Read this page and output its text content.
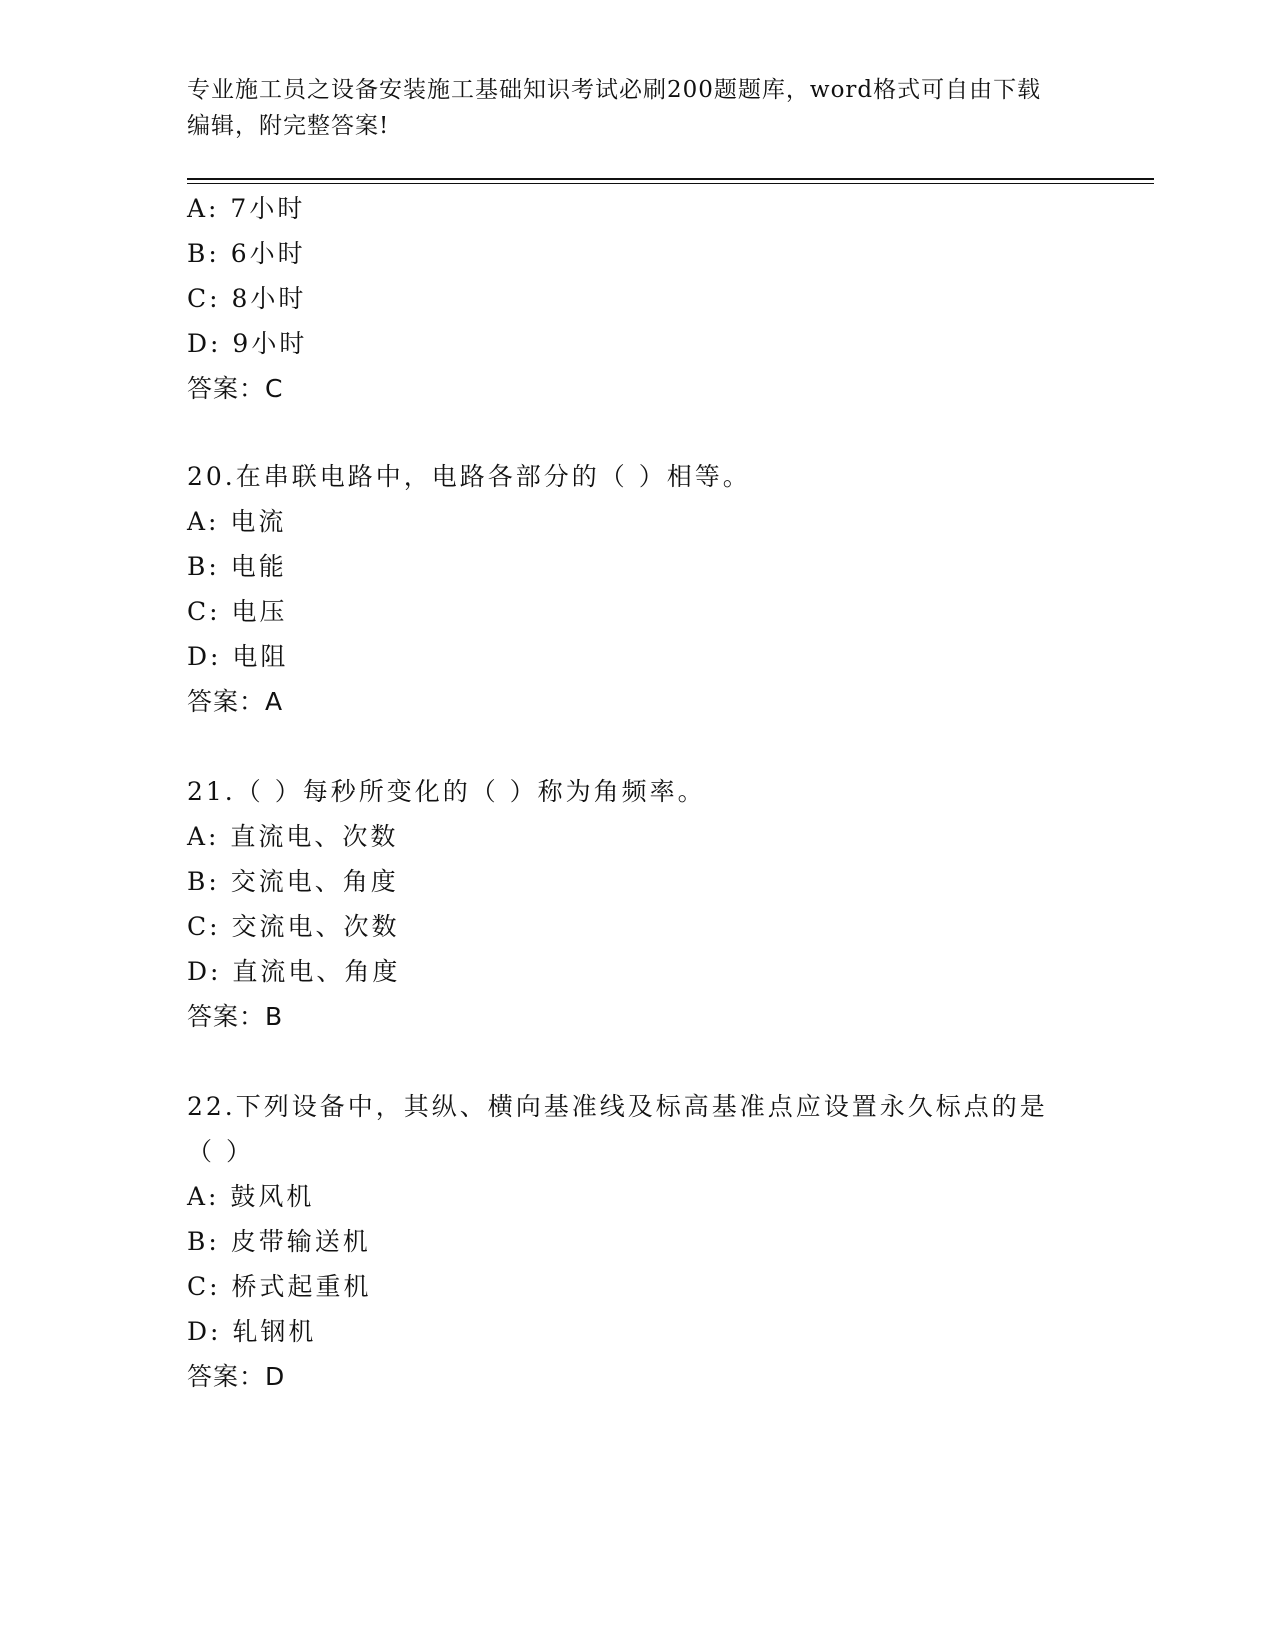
专业施工员之设备安装施工基础知识考试必刷200题题库，word格式可自由下载
编辑，附完整答案!
A: 7小时
B: 6小时
C: 8小时
D: 9小时
答案：C
20.在串联电路中，电路各部分的（ ）相等。
A: 电流
B: 电能
C: 电压
D: 电阻
答案：A
21.（ ）每秒所变化的（ ）称为角频率。
A: 直流电、次数
B: 交流电、角度
C: 交流电、次数
D: 直流电、角度
答案：B
22.下列设备中，其纵、横向基准线及标高基准点应设置永久标点的是
（ ）
A: 鼓风机
B: 皮带输送机
C: 桥式起重机
D: 轧钢机
答案：D
